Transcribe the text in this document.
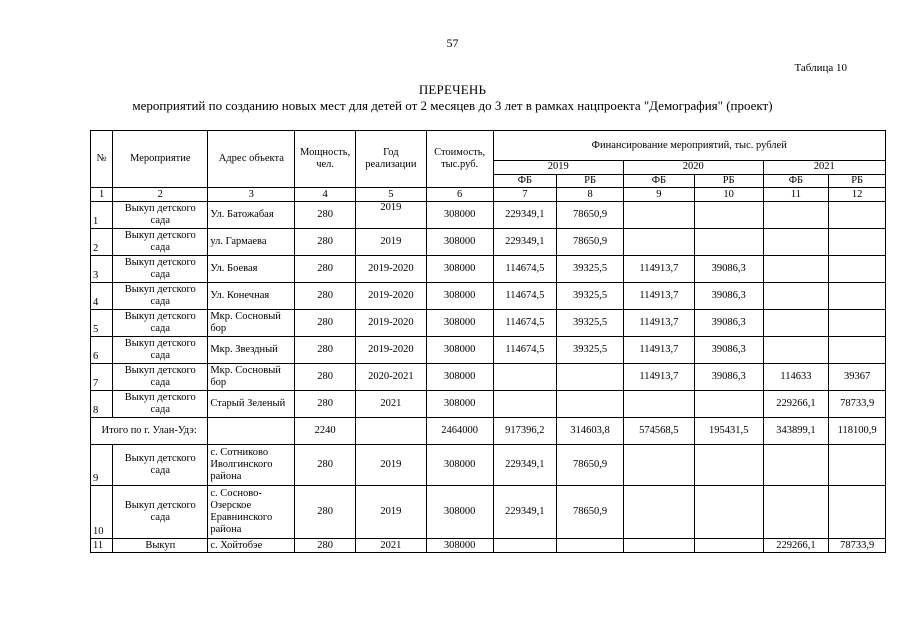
57
Таблица 10
ПЕРЕЧЕНЬ
мероприятий по созданию новых мест для детей от 2 месяцев до 3 лет в рамках нацпроекта "Демография" (проект)
№	Мероприятие	Адрес объекта	Мощность, чел.	Год реализации	Стоимость, тыс.руб.	Финансирование мероприятий, тыс. рублей					
						2019		2020		2021	
						ФБ	РБ	ФБ	РБ	ФБ	РБ
1	2	3	4	5	6	7	8	9	10	11	12
1	Выкуп детского сада	Ул. Батожабая	280	2019	308000	229349,1	78650,9				
2	Выкуп детского сада	ул. Гармаева	280	2019	308000	229349,1	78650,9				
3	Выкуп детского сада	Ул. Боевая	280	2019-2020	308000	114674,5	39325,5	114913,7	39086,3		
4	Выкуп детского сада	Ул. Конечная	280	2019-2020	308000	114674,5	39325,5	114913,7	39086,3		
5	Выкуп детского сада	Мкр. Сосновый бор	280	2019-2020	308000	114674,5	39325,5	114913,7	39086,3		
6	Выкуп детского сада	Мкр. Звездный	280	2019-2020	308000	114674,5	39325,5	114913,7	39086,3		
7	Выкуп детского сада	Мкр. Сосновый бор	280	2020-2021	308000			114913,7	39086,3	114633	39367
8	Выкуп детского сада	Старый Зеленый	280	2021	308000					229266,1	78733,9
Итого по г. Улан-Удэ:			2240		2464000	917396,2	314603,8	574568,5	195431,5	343899,1	118100,9
9	Выкуп детского сада	с. Сотниково Иволгинского района	280	2019	308000	229349,1	78650,9				
10	Выкуп детского сада	с. Сосново-Озерское Еравнинского района	280	2019	308000	229349,1	78650,9				
11	Выкуп	с. Хойтобэе	280	2021	308000					229266,1	78733,9
